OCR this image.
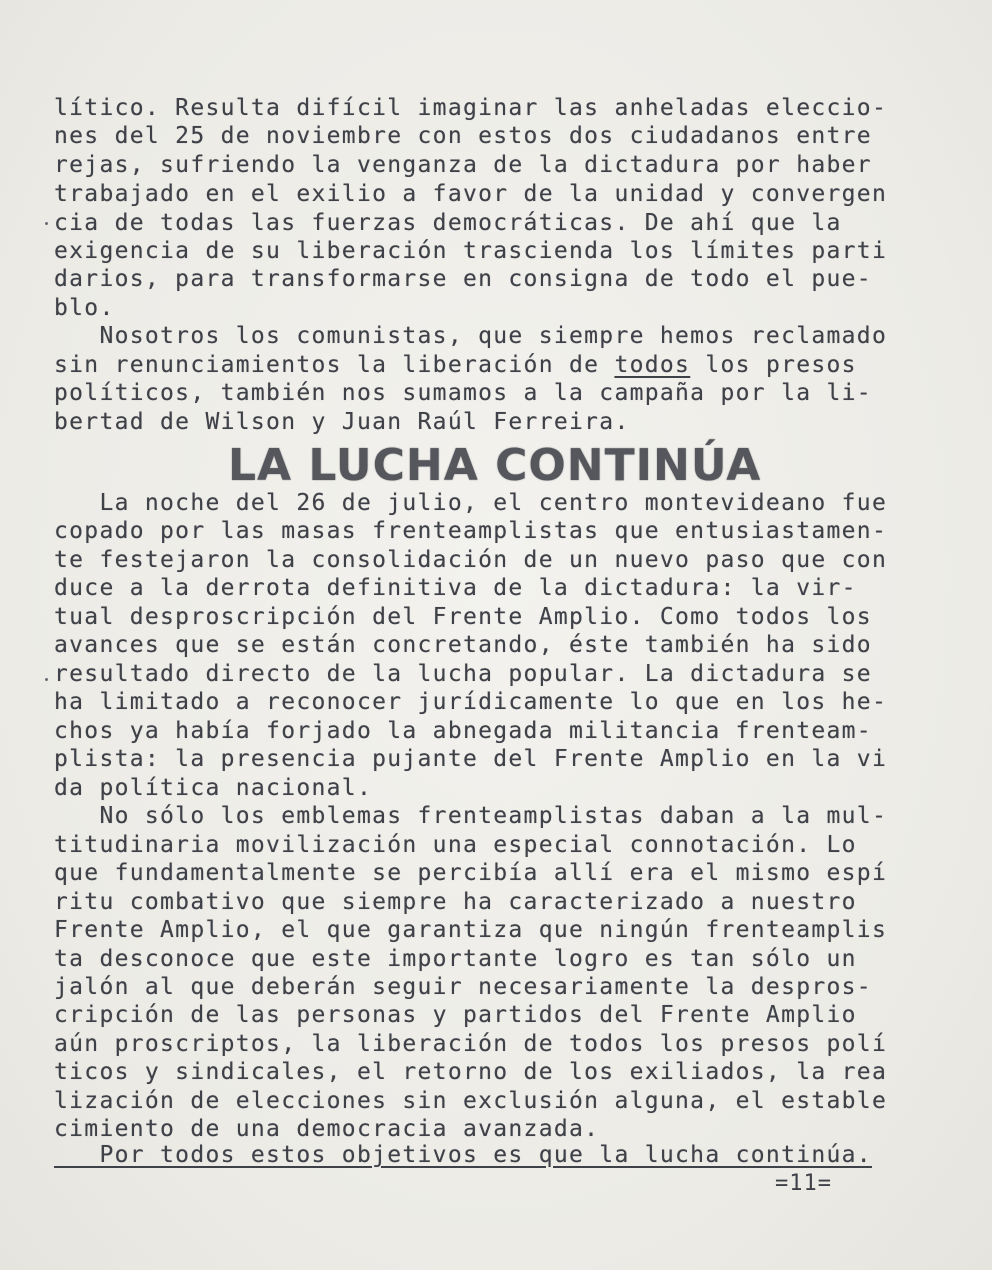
lítico. Resulta difícil imaginar las anheladas eleccio-
nes del 25 de noviembre con estos dos ciudadanos entre
rejas, sufriendo la venganza de la dictadura por haber
trabajado en el exilio a favor de la unidad y convergen
cia de todas las fuerzas democráticas. De ahí que la
exigencia de su liberación trascienda los límites parti
darios, para transformarse en consigna de todo el pue-
blo.
Nosotros los comunistas, que siempre hemos reclamado
sin renunciamientos la liberación de todos los presos
políticos, también nos sumamos a la campaña por la li-
bertad de Wilson y Juan Raúl Ferreira.
LA LUCHA CONTINÚA
La noche del 26 de julio, el centro montevideano fue
copado por las masas frenteamplistas que entusiastamen-
te festejaron la consolidación de un nuevo paso que con
duce a la derrota definitiva de la dictadura: la vir-
tual desproscripción del Frente Amplio. Como todos los
avances que se están concretando, éste también ha sido
resultado directo de la lucha popular. La dictadura se
ha limitado a reconocer jurídicamente lo que en los he-
chos ya había forjado la abnegada militancia frenteam-
plista: la presencia pujante del Frente Amplio en la vi
da política nacional.
No sólo los emblemas frenteamplistas daban a la mul-
titudinaria movilización una especial connotación. Lo
que fundamentalmente se percibía allí era el mismo espí
ritu combativo que siempre ha caracterizado a nuestro
Frente Amplio, el que garantiza que ningún frenteamplis
ta desconoce que este importante logro es tan sólo un
jalón al que deberán seguir necesariamente la despros-
cripción de las personas y partidos del Frente Amplio
aún proscriptos, la liberación de todos los presos polí
ticos y sindicales, el retorno de los exiliados, la rea
lización de elecciones sin exclusión alguna, el estable
cimiento de una democracia avanzada.
Por todos estos objetivos es que la lucha continúa.
=11=
